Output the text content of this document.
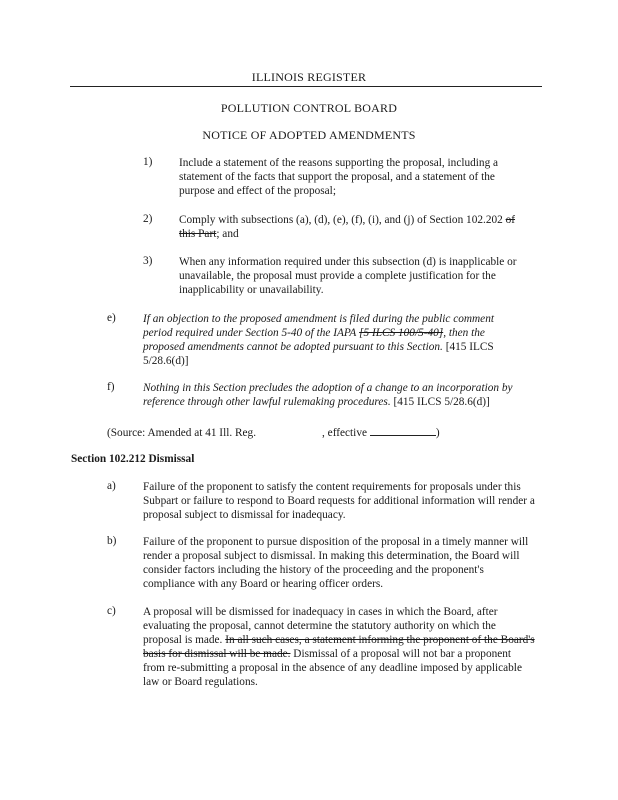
ILLINOIS REGISTER
POLLUTION CONTROL BOARD
NOTICE OF ADOPTED AMENDMENTS
1) Include a statement of the reasons supporting the proposal, including a statement of the facts that support the proposal, and a statement of the purpose and effect of the proposal;
2) Comply with subsections (a), (d), (e), (f), (i), and (j) of Section 102.202 of this Part; and
3) When any information required under this subsection (d) is inapplicable or unavailable, the proposal must provide a complete justification for the inapplicability or unavailability.
e) If an objection to the proposed amendment is filed during the public comment period required under Section 5-40 of the IAPA [5 ILCS 100/5-40], then the proposed amendments cannot be adopted pursuant to this Section. [415 ILCS 5/28.6(d)]
f)	Nothing in this Section precludes the adoption of a change to an incorporation by reference through other lawful rulemaking procedures. [415 ILCS 5/28.6(d)]
(Source: Amended at 41 Ill. Reg.	, effective	)
Section 102.212 Dismissal
a) Failure of the proponent to satisfy the content requirements for proposals under this Subpart or failure to respond to Board requests for additional information will render a proposal subject to dismissal for inadequacy.
b) Failure of the proponent to pursue disposition of the proposal in a timely manner will render a proposal subject to dismissal. In making this determination, the Board will consider factors including the history of the proceeding and the proponent's compliance with any Board or hearing officer orders.
c) A proposal will be dismissed for inadequacy in cases in which the Board, after evaluating the proposal, cannot determine the statutory authority on which the proposal is made. In all such cases, a statement informing the proponent of the Board's basis for dismissal will be made. Dismissal of a proposal will not bar a proponent from re-submitting a proposal in the absence of any deadline imposed by applicable law or Board regulations.
